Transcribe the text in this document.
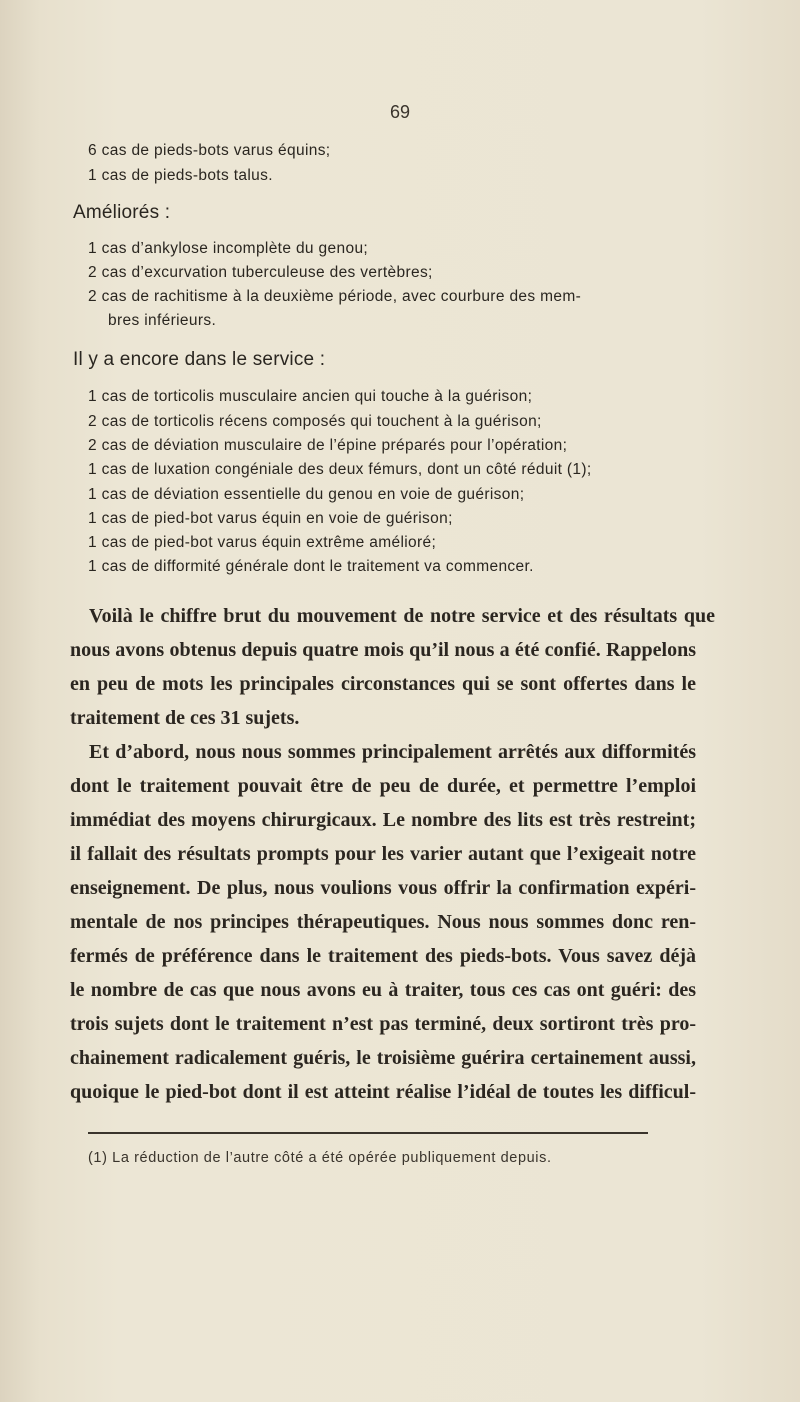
69
6 cas de pieds-bots varus équins;
1 cas de pieds-bots talus.
Améliorés :
1 cas d’ankylose incomplète du genou;
2 cas d’excurvation tuberculeuse des vertèbres;
2 cas de rachitisme à la deuxième période, avec courbure des mem-
bres inférieurs.
Il y a encore dans le service :
1 cas de torticolis musculaire ancien qui touche à la guérison;
2 cas de torticolis récens composés qui touchent à la guérison;
2 cas de déviation musculaire de l’épine préparés pour l’opération;
1 cas de luxation congéniale des deux fémurs, dont un côté réduit (1);
1 cas de déviation essentielle du genou en voie de guérison;
1 cas de pied-bot varus équin en voie de guérison;
1 cas de pied-bot varus équin extrême amélioré;
1 cas de difformité générale dont le traitement va commencer.
Voilà le chiffre brut du mouvement de notre service et des résultats que
nous avons obtenus depuis quatre mois qu’il nous a été confié. Rappelons
en peu de mots les principales circonstances qui se sont offertes dans le
traitement de ces 31 sujets.
Et d’abord, nous nous sommes principalement arrêtés aux difformités
dont le traitement pouvait être de peu de durée, et permettre l’emploi
immédiat des moyens chirurgicaux. Le nombre des lits est très restreint;
il fallait des résultats prompts pour les varier autant que l’exigeait notre
enseignement. De plus, nous voulions vous offrir la confirmation expéri-
mentale de nos principes thérapeutiques. Nous nous sommes donc ren-
fermés de préférence dans le traitement des pieds-bots. Vous savez déjà
le nombre de cas que nous avons eu à traiter, tous ces cas ont guéri: des
trois sujets dont le traitement n’est pas terminé, deux sortiront très pro-
chainement radicalement guéris, le troisième guérira certainement aussi,
quoique le pied-bot dont il est atteint réalise l’idéal de toutes les difficul-
(1) La réduction de l’autre côté a été opérée publiquement depuis.
